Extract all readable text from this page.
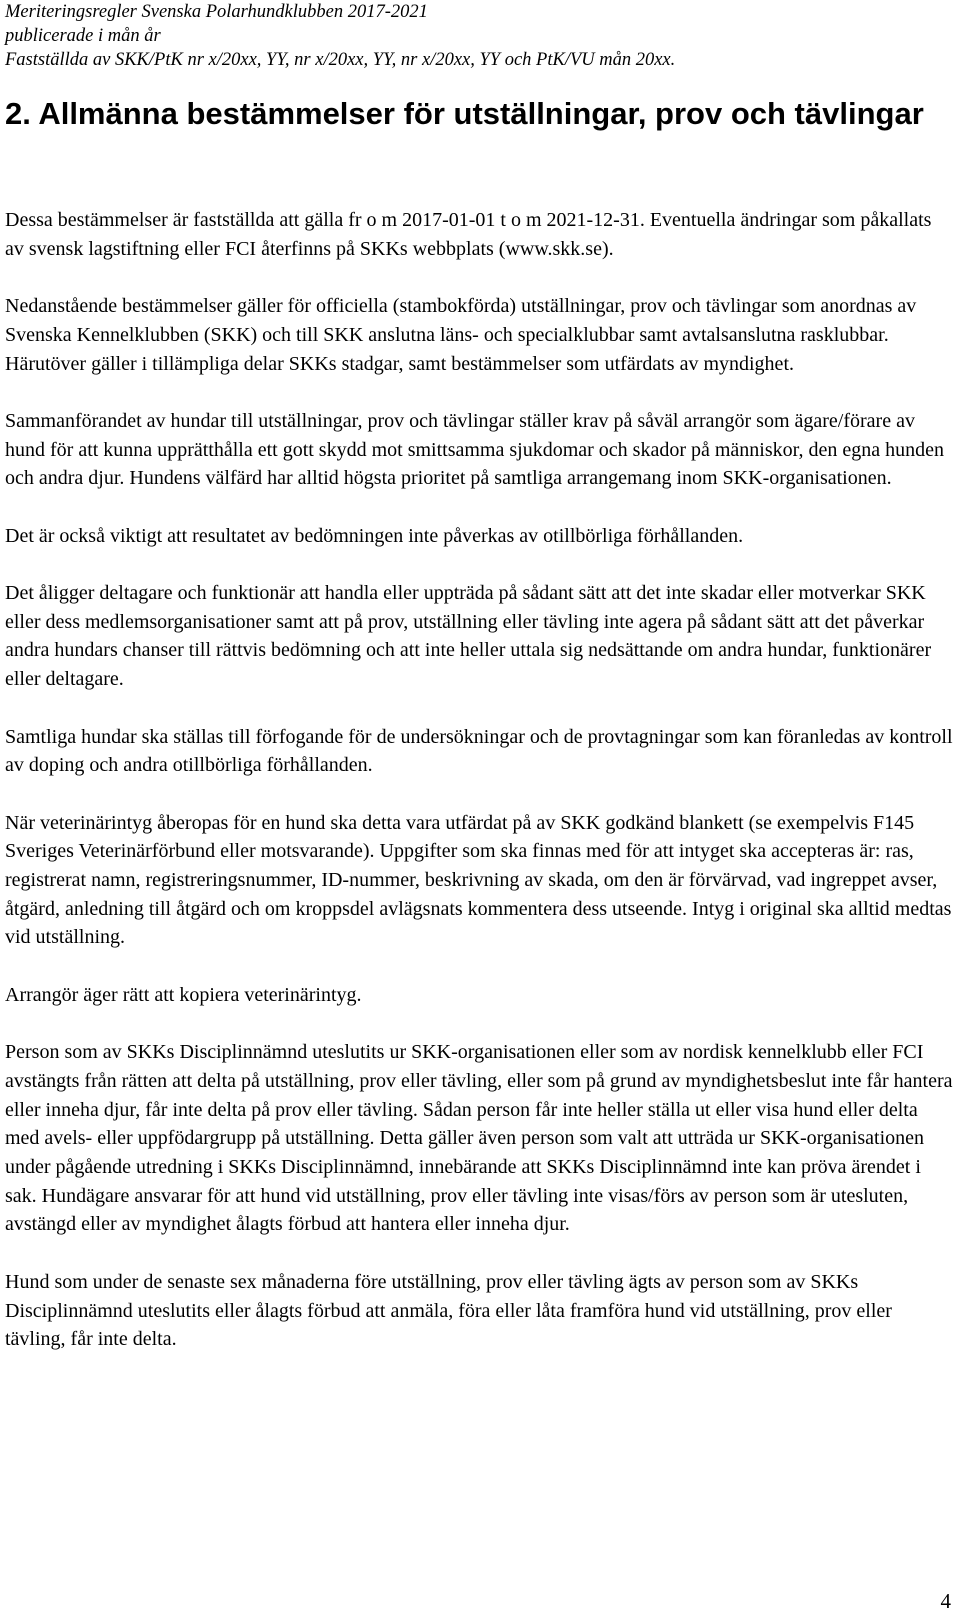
Meriteringsregler Svenska Polarhundklubben 2017-2021
publicerade i mån år
Fastställda av SKK/PtK nr x/20xx, YY, nr x/20xx, YY, nr x/20xx, YY och PtK/VU mån 20xx.
2. Allmänna bestämmelser för utställningar, prov och tävlingar

Dessa bestämmelser är fastställda att gälla fr o m 2017-01-01 t o m 2021-12-31. Eventuella ändringar som påkallats av svensk lagstiftning eller FCI återfinns på SKKs webbplats (www.skk.se).

Nedanstående bestämmelser gäller för officiella (stambokförda) utställningar, prov och tävlingar som anordnas av Svenska Kennelklubben (SKK) och till SKK anslutna läns- och specialklubbar samt avtalsanslutna rasklubbar. Härutöver gäller i tillämpliga delar SKKs stadgar, samt bestämmelser som utfärdats av myndighet.

Sammanförandet av hundar till utställningar, prov och tävlingar ställer krav på såväl arrangör som ägare/förare av hund för att kunna upprätthålla ett gott skydd mot smittsamma sjukdomar och skador på människor, den egna hunden och andra djur. Hundens välfärd har alltid högsta prioritet på samtliga arrangemang inom SKK-organisationen.

Det är också viktigt att resultatet av bedömningen inte påverkas av otillbörliga förhållanden.

Det åligger deltagare och funktionär att handla eller uppträda på sådant sätt att det inte skadar eller motverkar SKK eller dess medlemsorganisationer samt att på prov, utställning eller tävling inte agera på sådant sätt att det påverkar andra hundars chanser till rättvis bedömning och att inte heller uttala sig nedsättande om andra hundar, funktionärer eller deltagare.

Samtliga hundar ska ställas till förfogande för de undersökningar och de provtagningar som kan föranledas av kontroll av doping och andra otillbörliga förhållanden.

När veterinärintyg åberopas för en hund ska detta vara utfärdat på av SKK godkänd blankett (se exempelvis F145 Sveriges Veterinärförbund eller motsvarande). Uppgifter som ska finnas med för att intyget ska accepteras är: ras, registrerat namn, registreringsnummer, ID-nummer, beskrivning av skada, om den är förvärvad, vad ingreppet avser, åtgärd, anledning till åtgärd och om kroppsdel avlägsnats kommentera dess utseende. Intyg i original ska alltid medtas vid utställning.

Arrangör äger rätt att kopiera veterinärintyg.

Person som av SKKs Disciplinnämnd uteslutits ur SKK-organisationen eller som av nordisk kennelklubb eller FCI avstängts från rätten att delta på utställning, prov eller tävling, eller som på grund av myndighetsbeslut inte får hantera eller inneha djur, får inte delta på prov eller tävling. Sådan person får inte heller ställa ut eller visa hund eller delta med avels- eller uppfödargrupp på utställning. Detta gäller även person som valt att utträda ur SKK-organisationen under pågående utredning i SKKs Disciplinnämnd, innebärande att SKKs Disciplinnämnd inte kan pröva ärendet i sak. Hundägare ansvarar för att hund vid utställning, prov eller tävling inte visas/förs av person som är utesluten, avstängd eller av myndighet ålagts förbud att hantera eller inneha djur.

Hund som under de senaste sex månaderna före utställning, prov eller tävling ägts av person som av SKKs Disciplinnämnd uteslutits eller ålagts förbud att anmäla, föra eller låta framföra hund vid utställning, prov eller tävling, får inte delta.

4
